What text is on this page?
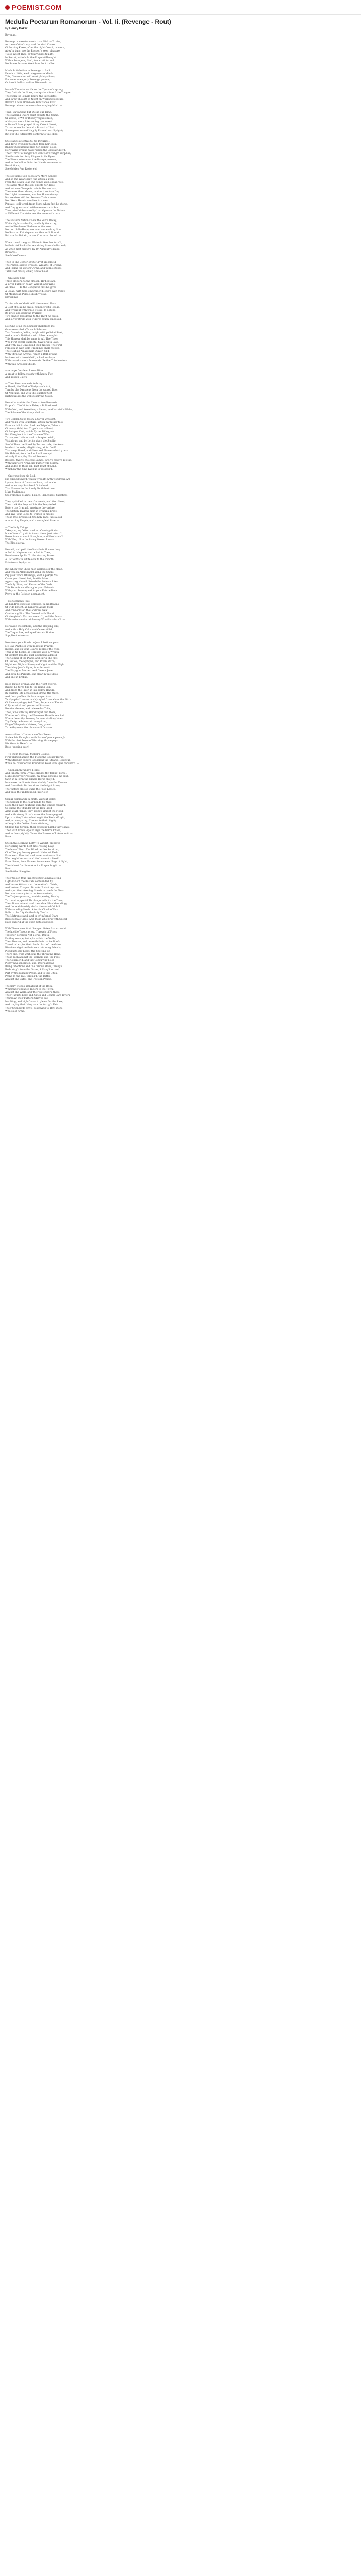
POEMIST.COM
Medulla Poetarum Romanorum - Vol. Ii. (Revenge - Rout)
by Henry Baker
Revenge.
Revenge is sweeter much than Life! — To rise,
As the unfetter'd ray, and the rival Cause
Of Purring Knees, after the night Couch, or more,
At ev'ry turn; are the Passion's keen pleasure,
Tis so sweet Thee, or Chirrupsas taught,
In Secret, wtho hold the Pinpoint-Thought
With a Swingeing Soul, too wroth to end
No Suave Accuser Wretch as Bebt to Fre.
Much Satisfaction in Revenge to find,
Dennis a little, weak, degenerate Mind:
This, Observation will most plainly show;
For none so eagerly Revenge pursue,
Or love it half so well as Women do. —
In such Tumultuous Hates the Tyranne's spring;
They Disturb the Stars, and quake discord the Tongue.
The room for Female Tears; the Favourites,
And ev'ry Thought of Night on Working pleasure.
Brave'd Locks Drawn on Admittance First,
Revenge alone commends her ranging Mind. —
Town, unwanding but Wellin our Time.
The stabbing Sword must expiate the Crime:
Or worse, if Wit or Bloody Vaguest-lied,
A Weapon more Intervening can invent
A Sinner? I see prayed if my Violent Heart,
To cost some Rattle and a Breach of Fort
Some grow, ruined Hagl'ly Planned our Spright;
But get the (Straight!) conform to the Mind. —
She stands attentive to his Perjuries,
And darts avenging Silence from her Eyes.
Raging Resentment fires her boiling Blood:
Her raving groans have racked the Capital Crowd.
Their Throat of vengeance wants of Strength supplies;
She thrusts her forty Fingers in his Eyes:
The Fierce sole sword the Ravage pursues,
And in the hollow Orbs her Hands endeavor. —
Revolutions;
See Golden Age Restore'd.
The self-same Sun does ev'ry Morn appear,
And so the Wear,s Day, the which a Year.
From the seven Seas the comes with equal Pace,
The same Moon the still directs her Race,
And not one Change in vain in Horses hast;
The same Moon shines, and as it certain Day,
Her Light increasees, and her Horns decay:
Nature does still her Seasons Train renew,
Nor like a Heroin wanders in a new.
Pentaus, still termb from Signs when first he shone,
And Day goes round with one unerror's Sun.
Thus print'ld -because by Lost Opinion the Nature
at Different Countries are the same with ours.
The Eastern Nations view the Sun's Decay,
While Night shades Us, and holy the extay,
As-tho Ilie flames' Bod-our sniffer coo.
Nor too dulla-Herm, we noar we-oeud-ing Sun.
No Race no Evil depars, no Men unth Round:
But are for Britain, in one Continual Round. —
When round the great Platonic Year has turn'd,
In their old Ranks the wand'ring Stars shall stand;
As when first marsh'd by th' Almighty's Hand. —
Rewards.
See Merefficence.
Then in the Center of the Crypt are placid
The Prizes; sacred Tripods, Wreaths of Greens,
And Palms for Victors' Arms, and purple Robes,
Talents of massy Silver, and of Gold.
— On every Ship
Three Heifers, to the chosen, He'bestows,
A silver Talent's'-heavy Weight, and Wine
At Pleas; — To the Conqu'ror first he gives
A Cloak, with Gold embroider'd, edg'd with fringe
Of Melibaean Purple, doubly wove:
Entwining —
To him whose Merit held the second Place
A Coat of Mail he gives, compact with Hooks,
And wrought with triple Tissue: to defend
Its price and deck the Warrior: —
Two brazen Cauldrons to the Third he gives,
And silver Bowls with Figures rough emboss'd. —
Not One of all the Number shall from me
Go unrewarded. (To such Salernes
Two Gnossian Javlins, bright with polish'd Steel,
And a curv'd Battle-Ax with Silver wrought:
This Honour shall be same to All. The Three
Who First excell, shall still have'd with Bays,
And with pale Olive bind their Necks. The First
Forestin in with Gold Trappings shall receive;
The Next an Amazonian Quiver, fill'd
With Thracian Arrows, which a Belt around
Incloses with broad Gold, a Buckle clasps
With round smooth Diamonds. Be the Third content
With this Argolick Shield. —
— A huge Cerulean Lion's Hide,
A great to follow, rough with heavy Fur,
And golden Claws. —
— Then He commands to bring
A Shield, the Work of Didymaon's Art,
Torn by the Dansnens from the sacred Door
Of Neptune, and with this exalting Gift
Distinguishes the well-deserving Youth.
He saith: And for the Combat two Rewards
Propos'd. The Victor's Prize, a Bull adorn'd
With Gold, and Wreathes; a Sword, and burnish'd Helm,
The Solace of the Vanquish'd. —
Two Golden Cups Jason, a Silver wrought,
And rough with Sculpture, which my father took
From sack'd Arisbe. And two Tripods, Talents
Of massy Gold; two Tripods and a Bowl;
Of Antique Cast, which Tyrian Dido gave.
But if to give it in the Chance of War
To conquer Latium, and to Scepter wield,
Victorious, and by Lot to share the Spoils;
Saw'st Thou the Steed by Turnus rode, the Arms
In which he rode, all glitt'ring, all in Gold?
That very Shield, and those red Plumes which grace
His Helmet, from the Lot I will exempt,
Already Yours, thy Nisus! Rewards:
Besides, twelve choicest Dames, twelve captive Youths,
With their own Arms, my Father will bestow;
And added to these all, That Tract of Land,
Which by the King Latinus is possess'd. —
— Growing from his Bed,
His girdled Sword, which wrought with wondrous Art
Lycaon, born of Gnossian Race, had made,
And in an iv'ry Scabbard fit inclos'd.
That Present to the lovely Youth bestows:
Mars Malignous:
See Foments, Marine; Palace; Princesses; Sacrifice.
They sprinkled in their Garments, and their Head;
Then took the Boys with in the Temple led.
Before the Gradual, prostrate they adore
The Stately Thymus high in Triumph brave:
And give your Locks to women in his Ire.
These thus produce'd, the holy Fane face aloud
A mourning People, and a wrangle'd Fane. —
— The Holy Things
Take you, my father, and our Country-Gods:
Is me 'twere'd guilt to touch them, just return'd
Reeks from so much Slaughter, and bloodstain'd
With War, till in the living Stream I wash
The Blood away. —
He said, and paid the Gods their Honour due;
A Bull to Neptune, and a Bull to Thee,
Resolvence Apollo. To the starring Power
A Cattle that is white cow to the smooth
Prizetroux Zephyr. —
But when your Ships mon welled o'er the Mean,
And you on Altars rackt along the Shore,
Pay your vow'd Offerings; wich a purple Veil
Cover your Head; lest, hostile Prize
Appearing, should disturb the Solemn Rites,
The holy Fires; and Favour of the Gods.
This Form in sacrificing let your Friends
With you observe; and to your Future Race
Prove in the Religion permanent. —
— He to mighty Jove
An hundred spacious Temples; in his Realms
Of wide Extent, an hundred Altars built;
And consecrated the Gode'ess New.
Continuing Fire. The Ground with Blood
Of slaughter'd Victims wreath'd, and the Doors
With various-colour'd flowery Wreaths adorn'd. —
He wakes the Embers, and the sleeping Fire,
And with a Holy Cake and Censer fill'd,
The Tuque Lux, and aged Vesta's Shrine
Suppliant adores —
Now from your Bowls to Jove Libations pour:
My love Anchises with religious Prayers
Invoke; and on your Boards replace the Wine.
Thus as he booke; he Temples with a Wreath
Of verdant Boughs, and supplicant adore'd
The Genius of the Place; and Earth the first
Of Deities; the Nymphs; and Rivers dark;
Night and Night's Stars; and Night and the Night
The rising Jove's Signs, in order next,
The Phrygian Mother; and Gleams Jove
And both his Parents, one clear in the Skies,
And one in Erebus. —
Deep leaven Brenas, and the Night retires;
Rising, he turns him to the rising Sun;
And, from the River, in his hollow Hands,
By custom Rite accustom'd, draws the Wave,
And thus proffers his Son in open Air:
Ye Nymphs! Laurentian Nymphs! from whom the Birth
Of Rivers springs; And Thou, Superior of Floods,
O Tyber sire! and ye sacred Streams!
Receive Aeneas, and release his Toils,
Thou, who with thy Hand regist our Woes,
Wheree ev'n thing the Nameless Head is reach'd,
Where -'erer thy Source; for ever shall my Vows
Thy Deity be honour'd, honey kind,
King of Hesperian Waters, Ding grant,
To be thy-more their humour'd Orisons.
Aeneas thus th' Intention of his Breast
Suriew his Thoughts, with Form of prece peace Ju
With the first Dawn of Morning, thrice pays
His Vows to Heav'n. —
Rose (passing over.) —
— To them the royal Maker's Course,
First plung'd amidst the Flood the Sacker Horse;
With Strength superb Sesgamnt the Steand Head Sub,
While ho consider the Pound the Fowl with Eyes recount'd. —
— Upon an th range'd Horse
And Innoth Forth Dy the Bridges thy falling, Force,
Make good your Passage, my brave Friends! he said;
Swift in a Form the nimble Horse obey'd:
In a mere the Shouts then, doubly from the Throne,
And from their Station draw the bright Arms;
The Victors all else Dane the Food Lexico,
And pass the undefended River o'er. —
Camur commands in Knife: Without delay,
The Soldier to the Rear bends his Way:
None their with cautious Care the Bridge repair'd,
Go slight the Thunder of the Iron Field
Amid it all Planks, they plunge amidst the Flood,
And with strong Streak make the Passage good.
Uproars they'd storm but might the Bank affright,
And put unsparing, Coward to their flight;
At length the farther Bank attaining,
Chilling the Stream, their dropping Limbs they shake;
Then with Fresh Vigour urge the fierce Chase,
And in the sprightly Chase the Powers of Life recruit. —
Rose.
She in the Morning Lofty To Windsh prepares
Her spring-wards beat fine Passing Days
The lenus' Plant. The Wood her Necks shred,
Clim The gay flowery pose-fr Helenish Fash
From each Unorted, and sweet Ambrosial Soul
Was taught her war and the Leaves to Steel!
From Sems, from Flames, from sweet Bags of Light,
The richest Cardin makes it's Purple bright. —
Rout.
See Battle. Slaughter.
Their Queen thus luis, first Rex Camilla's Ning
Light-rank'd the Rustals confounded fly,
And brave Attinas, and the scatter'd Chiefs,
And broken Troopes. To safer Posts they run,
And spur their foaming Steeds to reach the Town.
Nor now can any force in Arms sustain,
The Trojans pressing, and dispensing Death;
To round support'd Th' dangered both the Town;
Their Bows unbent, and their slow Shoulders sling;
And the wall-horrisly shake the sound-ful Soil
With sounding Heels. A turbid Cloud of Dust
Rolls to the City On the lofty Tow'rs,
The Matrons stand, and in th' infernal Stars
Raise female Cries. And those who first with Speed
Have enter'd at the open Gates pursued
With Those were first the open Gates first crowd'd
The hostile Troops prest, Through of Press
Together perplexs Not a cruel Death!
Do they escape, but w/in within the Walls,
Their Houses, and beneath their native Roofs,
Transfix'd expire their Souls. Part of the Gates
Rise-barr'd grirne their own retaining Friends;
Plead not only hears, the Shutting Fe
There are, from whit, bull the Throwing Hand;
Those rush against the Warners and the Foes. —
The Conquer'd, and the Conqu'ring Foes
Plenty has seperated, and, Doors abroad
Being intentions and the furious Mass, through
Rude stay'd from the Gates, A Slaughter sad;
Part by the burning Press, and to the Ditch,
Prone to the Fall, throng'd, the Battle,
Against the Gates, and Posts in Praise, —
The fiery Steeds, impatient of the Rein,
Whirl their engaged Riders to the Town;
Against the Walls, and their Defenders, these
Their Targets bear, and Gates and Courts Bare Rivers
Thursday, their Fathers Grieves pay,
Insulting, and high Cause to gleam for the Rare,
And ringing their War; as a the torrip'd Fate.
Their Shepherds drive, bestowing to Ray, shone
Wheels of Arms.
